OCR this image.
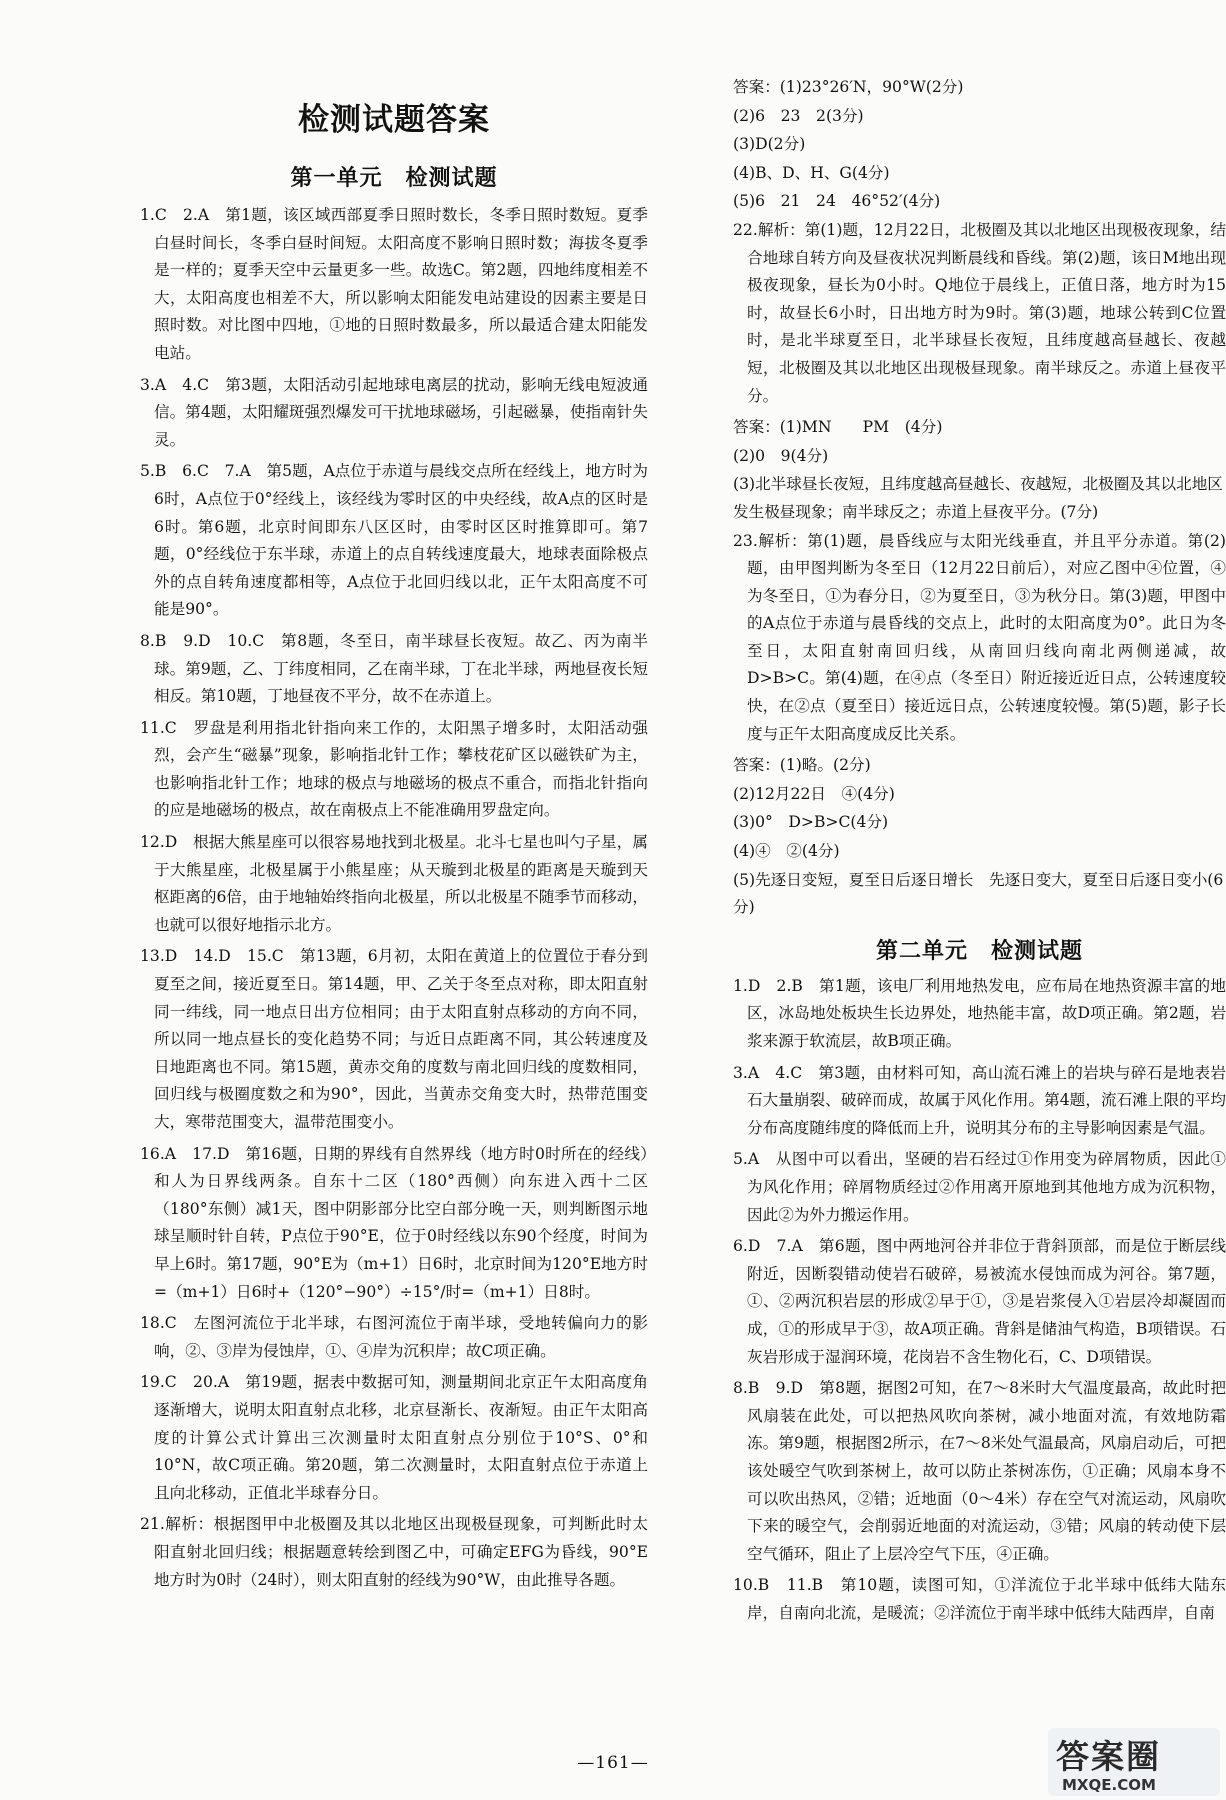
检测试题答案
第一单元　检测试题

1.C　2.A　第1题，该区域西部夏季日照时数长，冬季日照时数短。夏季白昼时间长，冬季白昼时间短。太阳高度不影响日照时数；海拔冬夏季是一样的；夏季天空中云量更多一些。故选C。第2题，四地纬度相差不大，太阳高度也相差不大，所以影响太阳能发电站建设的因素主要是日照时数。对比图中四地，①地的日照时数最多，所以最适合建太阳能发电站。

3.A　4.C　第3题，太阳活动引起地球电离层的扰动，影响无线电短波通信。第4题，太阳耀斑强烈爆发可干扰地球磁场，引起磁暴，使指南针失灵。

5.B　6.C　7.A　第5题，A点位于赤道与晨线交点所在经线上，地方时为6时，A点位于0°经线上，该经线为零时区的中央经线，故A点的区时是6时。第6题，北京时间即东八区区时，由零时区区时推算即可。第7题，0°经线位于东半球，赤道上的点自转线速度最大，地球表面除极点外的点自转角速度都相等，A点位于北回归线以北，正午太阳高度不可能是90°。

8.B　9.D　10.C　第8题，冬至日，南半球昼长夜短。故乙、丙为南半球。第9题，乙、丁纬度相同，乙在南半球，丁在北半球，两地昼夜长短相反。第10题，丁地昼夜不平分，故不在赤道上。

11.C　罗盘是利用指北针指向来工作的，太阳黑子增多时，太阳活动强烈，会产生“磁暴”现象，影响指北针工作；攀枝花矿区以磁铁矿为主，也影响指北针工作；地球的极点与地磁场的极点不重合，而指北针指向的应是地磁场的极点，故在南极点上不能准确用罗盘定向。

12.D　根据大熊星座可以很容易地找到北极星。北斗七星也叫勺子星，属于大熊星座，北极星属于小熊星座；从天璇到北极星的距离是天璇到天枢距离的6倍，由于地轴始终指向北极星，所以北极星不随季节而移动，也就可以很好地指示北方。

13.D　14.D　15.C　第13题，6月初，太阳在黄道上的位置位于春分到夏至之间，接近夏至日。第14题，甲、乙关于冬至点对称，即太阳直射同一纬线，同一地点日出方位相同；由于太阳直射点移动的方向不同，所以同一地点昼长的变化趋势不同；与近日点距离不同，其公转速度及日地距离也不同。第15题，黄赤交角的度数与南北回归线的度数相同，回归线与极圈度数之和为90°，因此，当黄赤交角变大时，热带范围变大，寒带范围变大，温带范围变小。

16.A　17.D　第16题，日期的界线有自然界线（地方时0时所在的经线）和人为日界线两条。自东十二区（180°西侧）向东进入西十二区（180°东侧）减1天，图中阴影部分比空白部分晚一天，则判断图示地球呈顺时针自转，P点位于90°E，位于0时经线以东90个经度，时间为早上6时。第17题，90°E为（m+1）日6时，北京时间为120°E地方时=（m+1）日6时+（120°−90°）÷15°/时=（m+1）日8时。

18.C　左图河流位于北半球，右图河流位于南半球，受地转偏向力的影响，②、③岸为侵蚀岸，①、④岸为沉积岸；故C项正确。

19.C　20.A　第19题，据表中数据可知，测量期间北京正午太阳高度角逐渐增大，说明太阳直射点北移，北京昼渐长、夜渐短。由正午太阳高度的计算公式计算出三次测量时太阳直射点分别位于10°S、0°和10°N，故C项正确。第20题，第二次测量时，太阳直射点位于赤道上且向北移动，正值北半球春分日。

21.解析：根据图甲中北极圈及其以北地区出现极昼现象，可判断此时太阳直射北回归线；根据题意转绘到图乙中，可确定EFG为昏线，90°E地方时为0时（24时），则太阳直射的经线为90°W，由此推导各题。

答案：(1)23°26′N，90°W(2分)
(2)6　23　2(3分)
(3)D(2分)
(4)B、D、H、G(4分)
(5)6　21　24　46°52′(4分)

22.解析：第(1)题，12月22日，北极圈及其以北地区出现极夜现象，结合地球自转方向及昼夜状况判断晨线和昏线。第(2)题，该日M地出现极夜现象，昼长为0小时。Q地位于晨线上，正值日落，地方时为15时，故昼长6小时，日出地方时为9时。第(3)题，地球公转到C位置时，是北半球夏至日，北半球昼长夜短，且纬度越高昼越长、夜越短，北极圈及其以北地区出现极昼现象。南半球反之。赤道上昼夜平分。

答案：(1)MN　　PM　(4分)
(2)0　9(4分)
(3)北半球昼长夜短，且纬度越高昼越长、夜越短，北极圈及其以北地区发生极昼现象；南半球反之；赤道上昼夜平分。(7分)

23.解析：第(1)题，晨昏线应与太阳光线垂直，并且平分赤道。第(2)题，由甲图判断为冬至日（12月22日前后），对应乙图中④位置，④为冬至日，①为春分日，②为夏至日，③为秋分日。第(3)题，甲图中的A点位于赤道与晨昏线的交点上，此时的太阳高度为0°。此日为冬至日，太阳直射南回归线，从南回归线向南北两侧递减，故D>B>C。第(4)题，在④点（冬至日）附近接近近日点，公转速度较快，在②点（夏至日）接近远日点，公转速度较慢。第(5)题，影子长度与正午太阳高度成反比关系。

答案：(1)略。(2分)
(2)12月22日　④(4分)
(3)0°　D>B>C(4分)
(4)④　②(4分)
(5)先逐日变短，夏至日后逐日增长　先逐日变大，夏至日后逐日变小(6分)
第二单元　检测试题

1.D　2.B　第1题，该电厂利用地热发电，应布局在地热资源丰富的地区，冰岛地处板块生长边界处，地热能丰富，故D项正确。第2题，岩浆来源于软流层，故B项正确。

3.A　4.C　第3题，由材料可知，高山流石滩上的岩块与碎石是地表岩石大量崩裂、破碎而成，故属于风化作用。第4题，流石滩上限的平均分布高度随纬度的降低而上升，说明其分布的主导影响因素是气温。

5.A　从图中可以看出，坚硬的岩石经过①作用变为碎屑物质，因此①为风化作用；碎屑物质经过②作用离开原地到其他地方成为沉积物，因此②为外力搬运作用。

6.D　7.A　第6题，图中两地河谷并非位于背斜顶部，而是位于断层线附近，因断裂错动使岩石破碎，易被流水侵蚀而成为河谷。第7题，①、②两沉积岩层的形成②早于①，③是岩浆侵入①岩层冷却凝固而成，①的形成早于③，故A项正确。背斜是储油气构造，B项错误。石灰岩形成于湿润环境，花岗岩不含生物化石，C、D项错误。

8.B　9.D　第8题，据图2可知，在7～8米时大气温度最高，故此时把风扇装在此处，可以把热风吹向茶树，减小地面对流，有效地防霜冻。第9题，根据图2所示，在7～8米处气温最高，风扇启动后，可把该处暖空气吹到茶树上，故可以防止茶树冻伤，①正确；风扇本身不可以吹出热风，②错；近地面（0～4米）存在空气对流运动，风扇吹下来的暖空气，会削弱近地面的对流运动，③错；风扇的转动使下层空气循环，阻止了上层冷空气下压，④正确。

10.B　11.B　第10题，读图可知，①洋流位于北半球中低纬大陆东岸，自南向北流，是暖流；②洋流位于南半球中低纬大陆西岸，自南

—161—	答案圈
MXQE.COM
